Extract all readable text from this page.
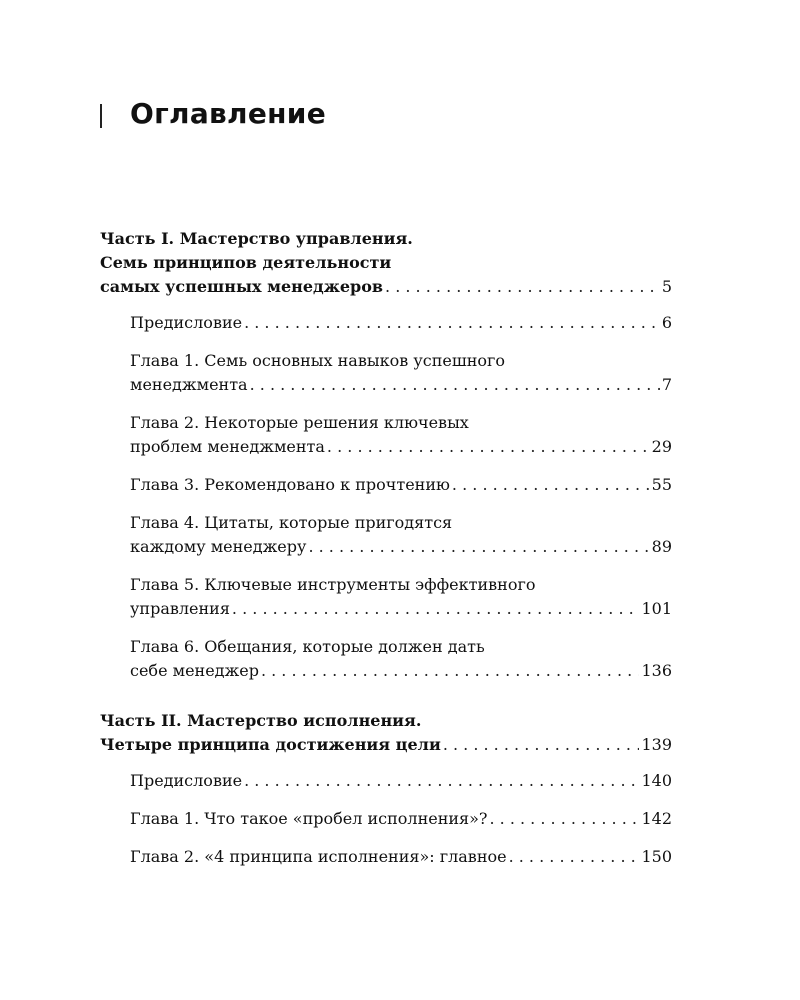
Оглавление
Часть I. Мастерство управления.
Семь принципов деятельности
самых успешных менеджеров . . .	5
Предисловие . . .	6
Глава 1. Семь основных навыков успешного
менеджмента . . .	7
Глава 2. Некоторые решения ключевых
проблем менеджмента . . .	29
Глава 3. Рекомендовано к прочтению . . .	55
Глава 4. Цитаты, которые пригодятся
каждому менеджеру . . .	89
Глава 5. Ключевые инструменты эффективного
управления . . .	101
Глава 6. Обещания, которые должен дать
себе менеджер . . .	136
Часть II. Мастерство исполнения.
Четыре принципа достижения цели . . .	139
Предисловие . . .	140
Глава 1. Что такое «пробел исполнения»? . . .	142
Глава 2. «4 принципа исполнения»: главное . . .	150
